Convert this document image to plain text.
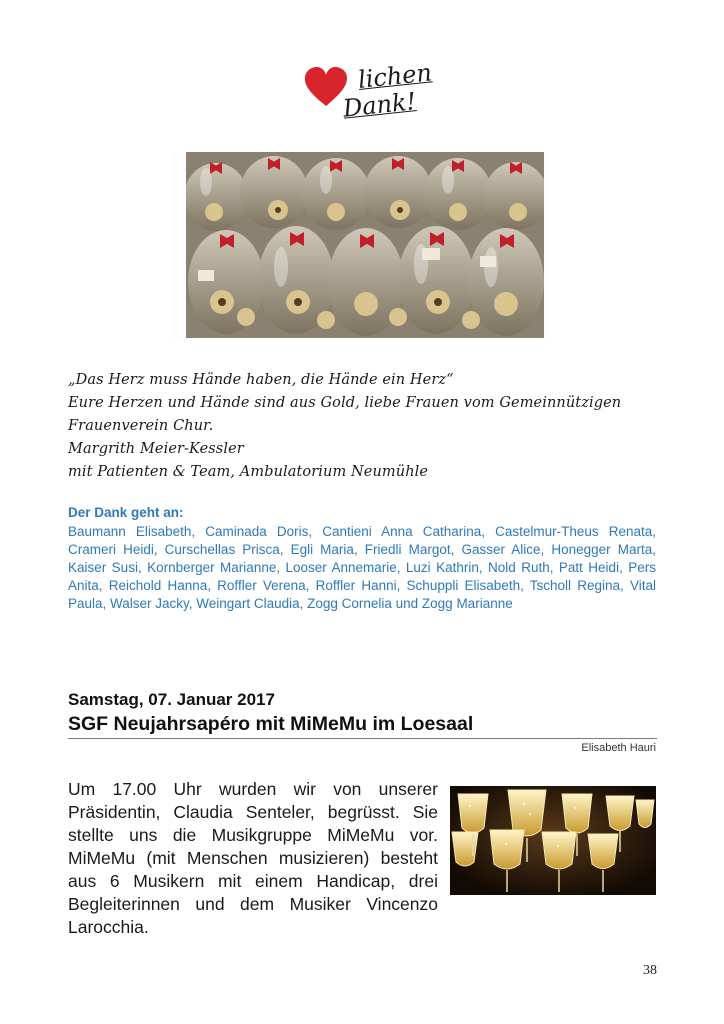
lichen
Dank!
„Das Herz muss Hände haben, die Hände ein Herz“
Eure Herzen und Hände sind aus Gold, liebe Frauen vom Gemeinnützigen
Frauenverein Chur.
Margrith Meier-Kessler
mit Patienten & Team, Ambulatorium Neumühle
Der Dank geht an:
Baumann Elisabeth, Caminada Doris, Cantieni Anna Catharina, Castelmur-Theus Renata, Crameri Heidi, Curschellas Prisca, Egli Maria, Friedli Margot, Gasser Alice, Honegger Marta, Kaiser Susi, Kornberger Marianne, Looser Annemarie, Luzi Kathrin, Nold Ruth, Patt Heidi, Pers Anita, Reichold Hanna, Roffler Verena, Roffler Hanni, Schuppli Elisabeth, Tscholl Regina, Vital Paula, Walser Jacky, Weingart Claudia, Zogg Cornelia und Zogg Marianne
Samstag, 07. Januar 2017
SGF Neujahrsapéro mit MiMeMu im Loesaal
Elisabeth Hauri
Um 17.00 Uhr wurden wir von unserer Präsidentin, Claudia Senteler, begrüsst. Sie stellte uns die Musikgruppe MiMeMu vor. MiMeMu (mit Menschen musizieren) besteht aus 6 Musikern mit einem Handicap, drei Begleiterinnen und dem Musiker Vincenzo Larocchia.
38
